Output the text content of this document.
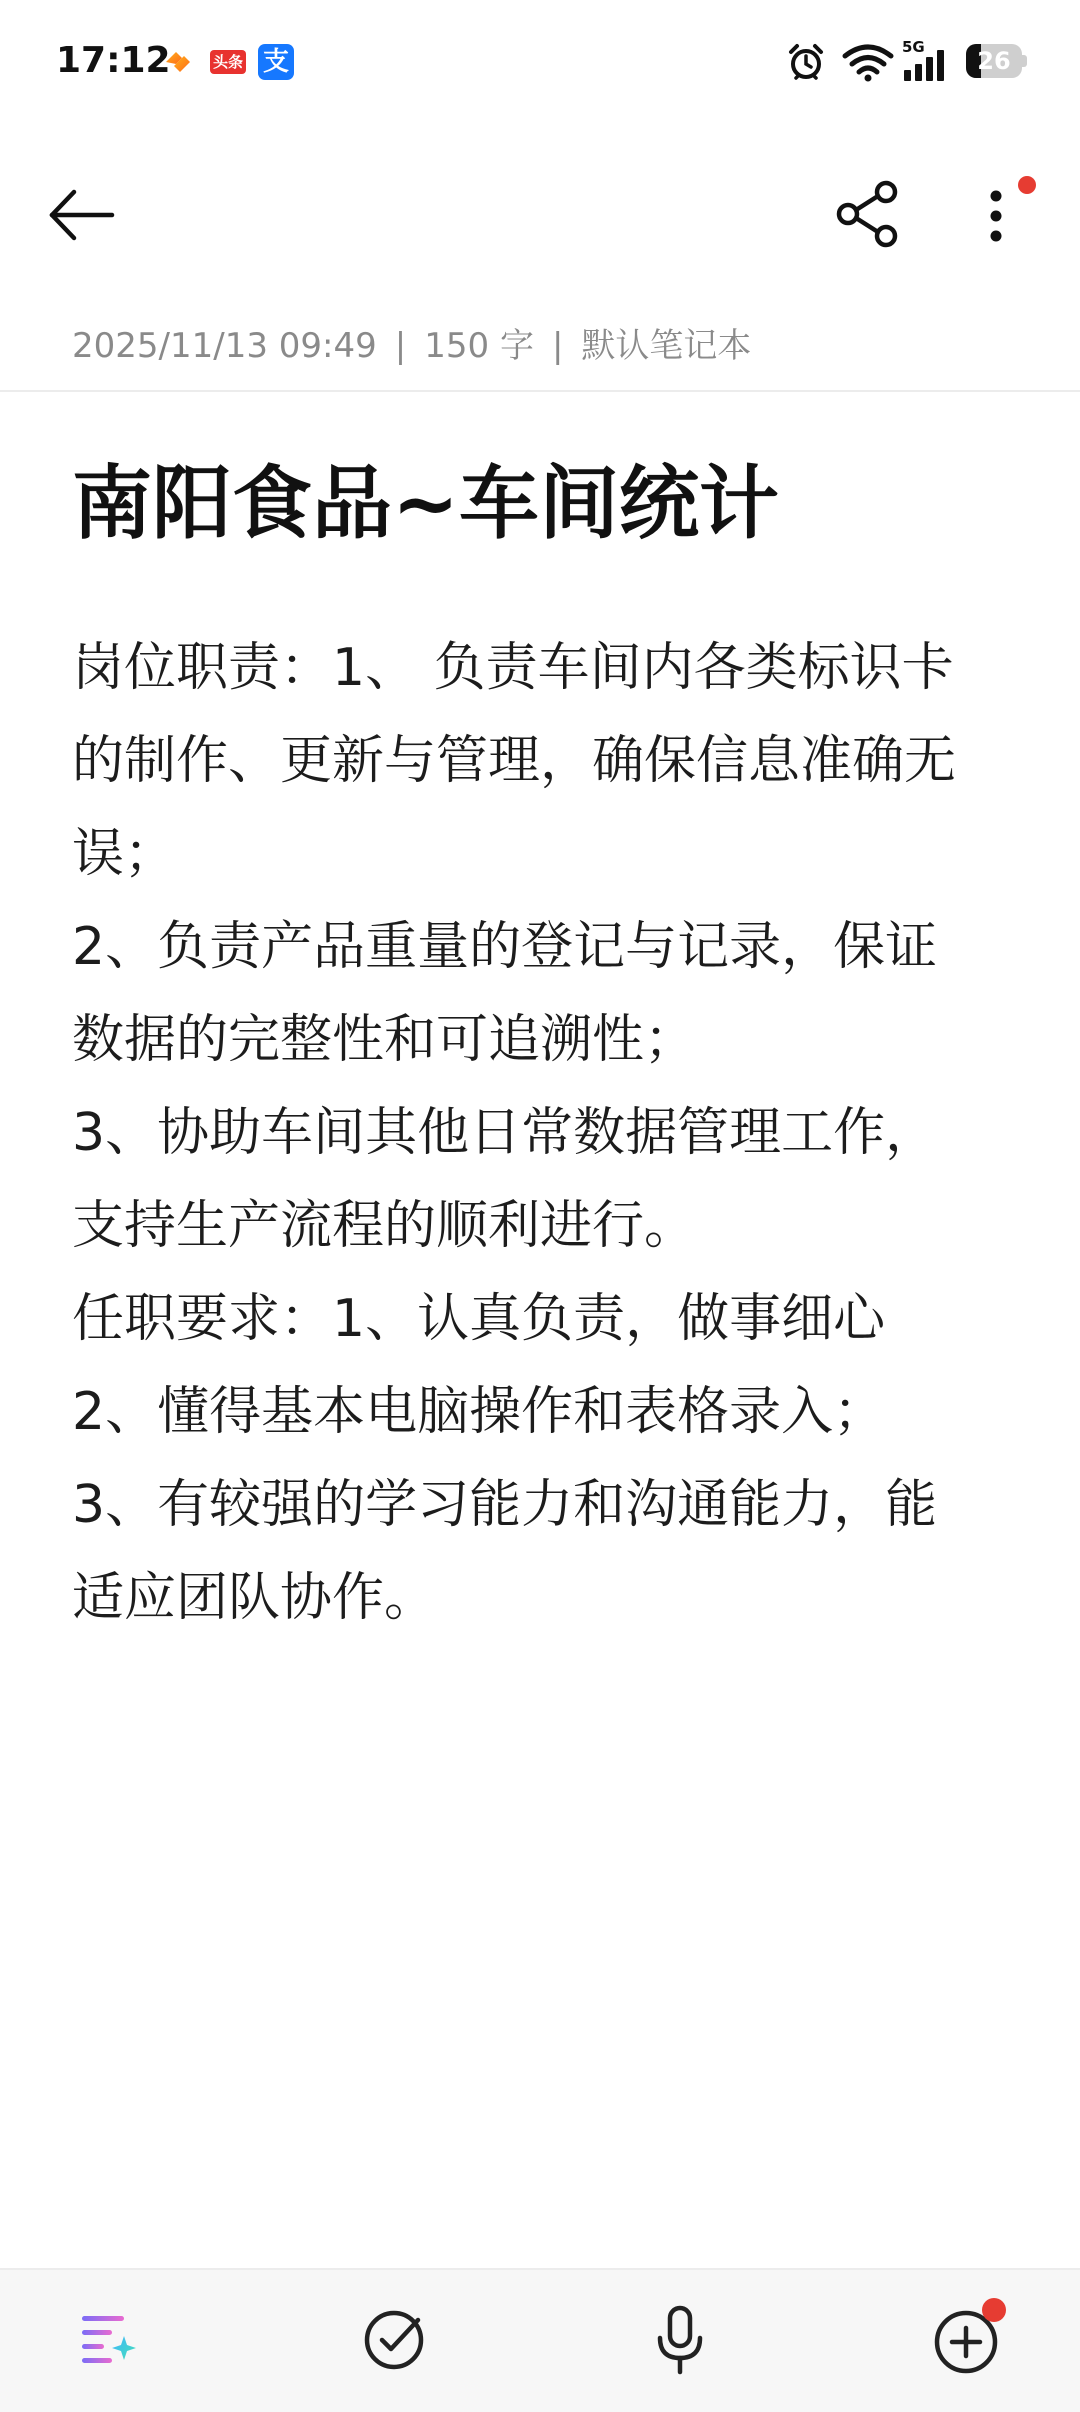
17:12	头条 支	5G	26
2025/11/13 09:49 | 150 字 | 默认笔记本
南阳食品~车间统计
岗位职责：1、 负责车间内各类标识卡
的制作、更新与管理，确保信息准确无
误；
2、负责产品重量的登记与记录，保证
数据的完整性和可追溯性；
3、协助车间其他日常数据管理工作，
支持生产流程的顺利进行。
任职要求：1、认真负责，做事细心
2、懂得基本电脑操作和表格录入；
3、有较强的学习能力和沟通能力，能
适应团队协作。
